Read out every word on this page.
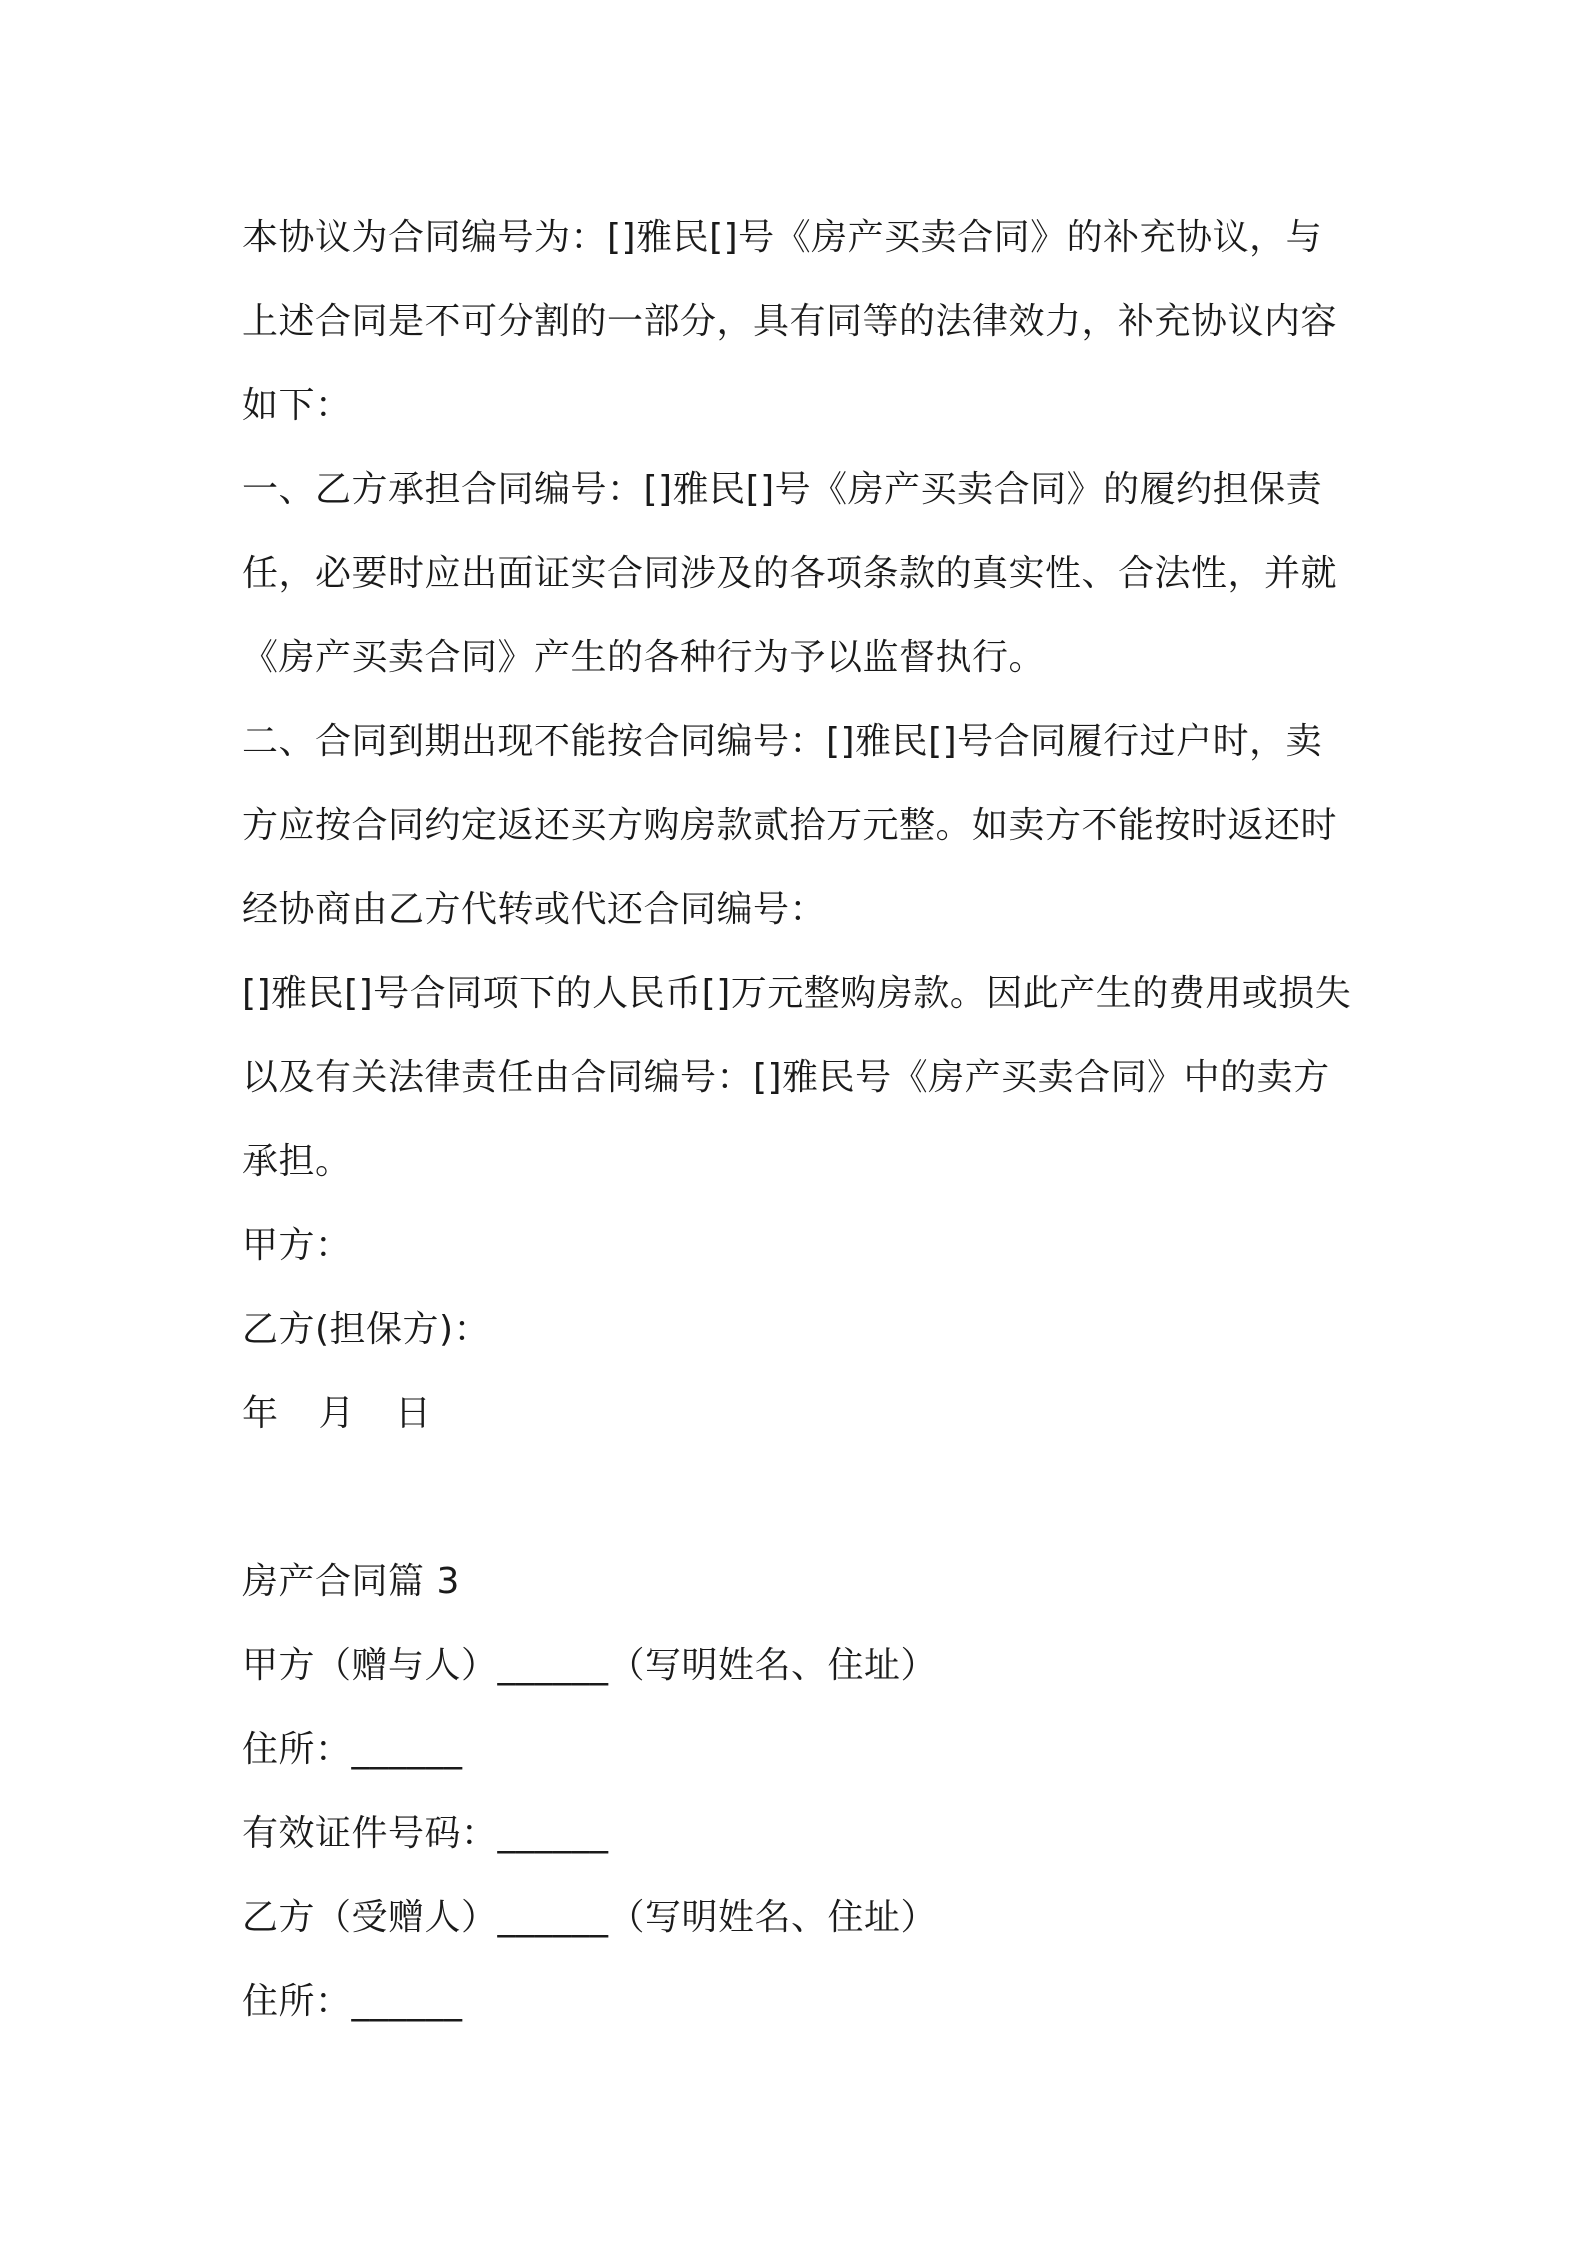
本协议为合同编号为：[]雅民[]号《房产买卖合同》的补充协议，与
上述合同是不可分割的一部分，具有同等的法律效力，补充协议内容
如下：
一、乙方承担合同编号：[]雅民[]号《房产买卖合同》的履约担保责
任，必要时应出面证实合同涉及的各项条款的真实性、合法性，并就
《房产买卖合同》产生的各种行为予以监督执行。
二、合同到期出现不能按合同编号：[]雅民[]号合同履行过户时，卖
方应按合同约定返还买方购房款贰拾万元整。如卖方不能按时返还时
经协商由乙方代转或代还合同编号：
[]雅民[]号合同项下的人民币[]万元整购房款。因此产生的费用或损失
以及有关法律责任由合同编号：[]雅民号《房产买卖合同》中的卖方
承担。
甲方：
乙方(担保方)：
年 月 日
房产合同篇 3
甲方（赠与人）______（写明姓名、住址）
住所：______
有效证件号码：______
乙方（受赠人）______（写明姓名、住址）
住所：______
